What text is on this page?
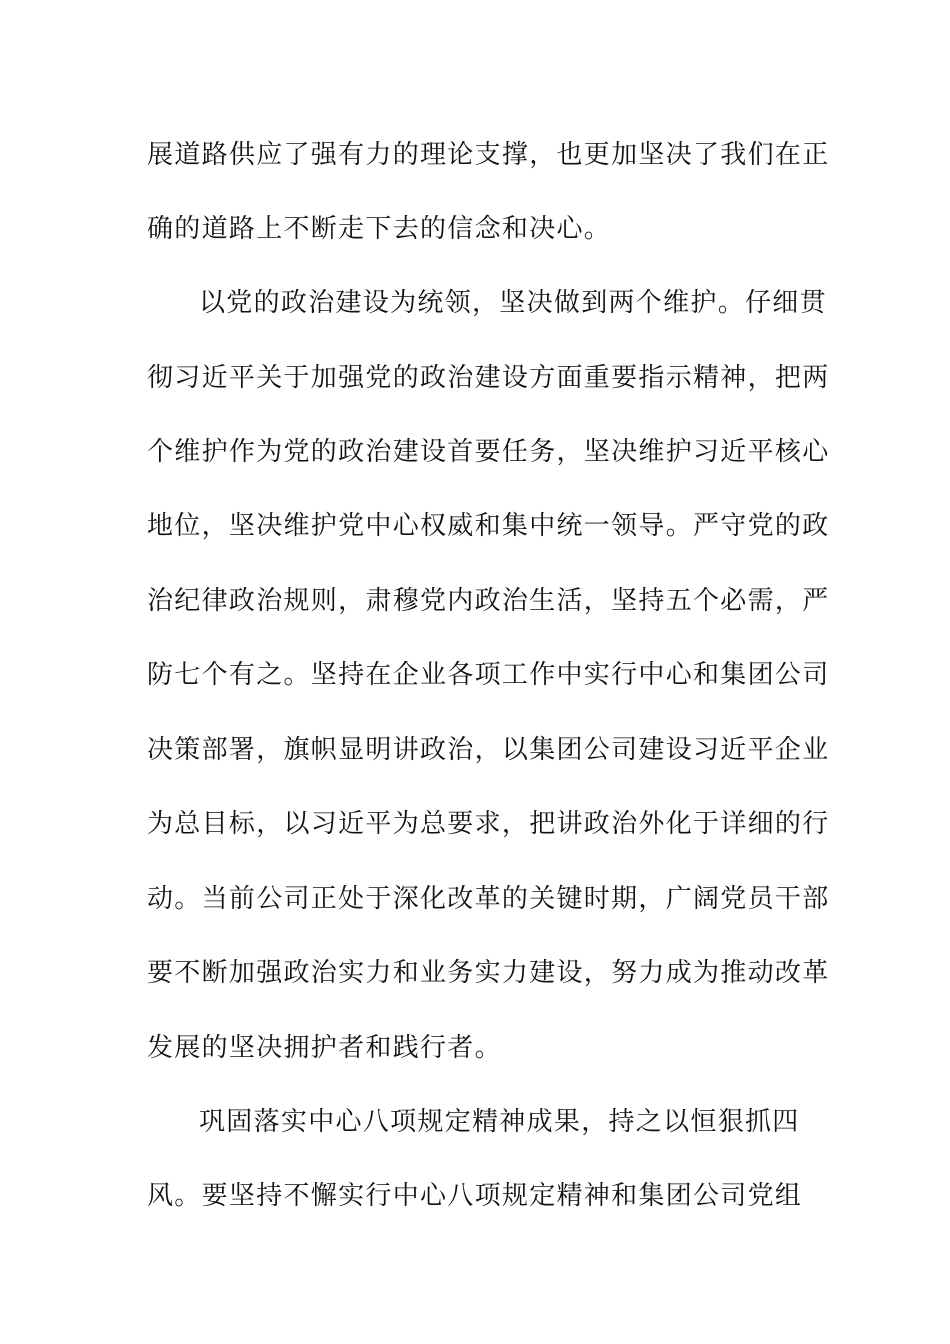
展道路供应了强有力的理论支撑，也更加坚决了我们在正
确的道路上不断走下去的信念和决心。
以党的政治建设为统领，坚决做到两个维护。仔细贯
彻习近平关于加强党的政治建设方面重要指示精神，把两
个维护作为党的政治建设首要任务，坚决维护习近平核心
地位，坚决维护党中心权威和集中统一领导。严守党的政
治纪律政治规则，肃穆党内政治生活，坚持五个必需，严
防七个有之。坚持在企业各项工作中实行中心和集团公司
决策部署，旗帜显明讲政治，以集团公司建设习近平企业
为总目标，以习近平为总要求，把讲政治外化于详细的行
动。当前公司正处于深化改革的关键时期，广阔党员干部
要不断加强政治实力和业务实力建设，努力成为推动改革
发展的坚决拥护者和践行者。
巩固落实中心八项规定精神成果，持之以恒狠抓四
风。要坚持不懈实行中心八项规定精神和集团公司党组
